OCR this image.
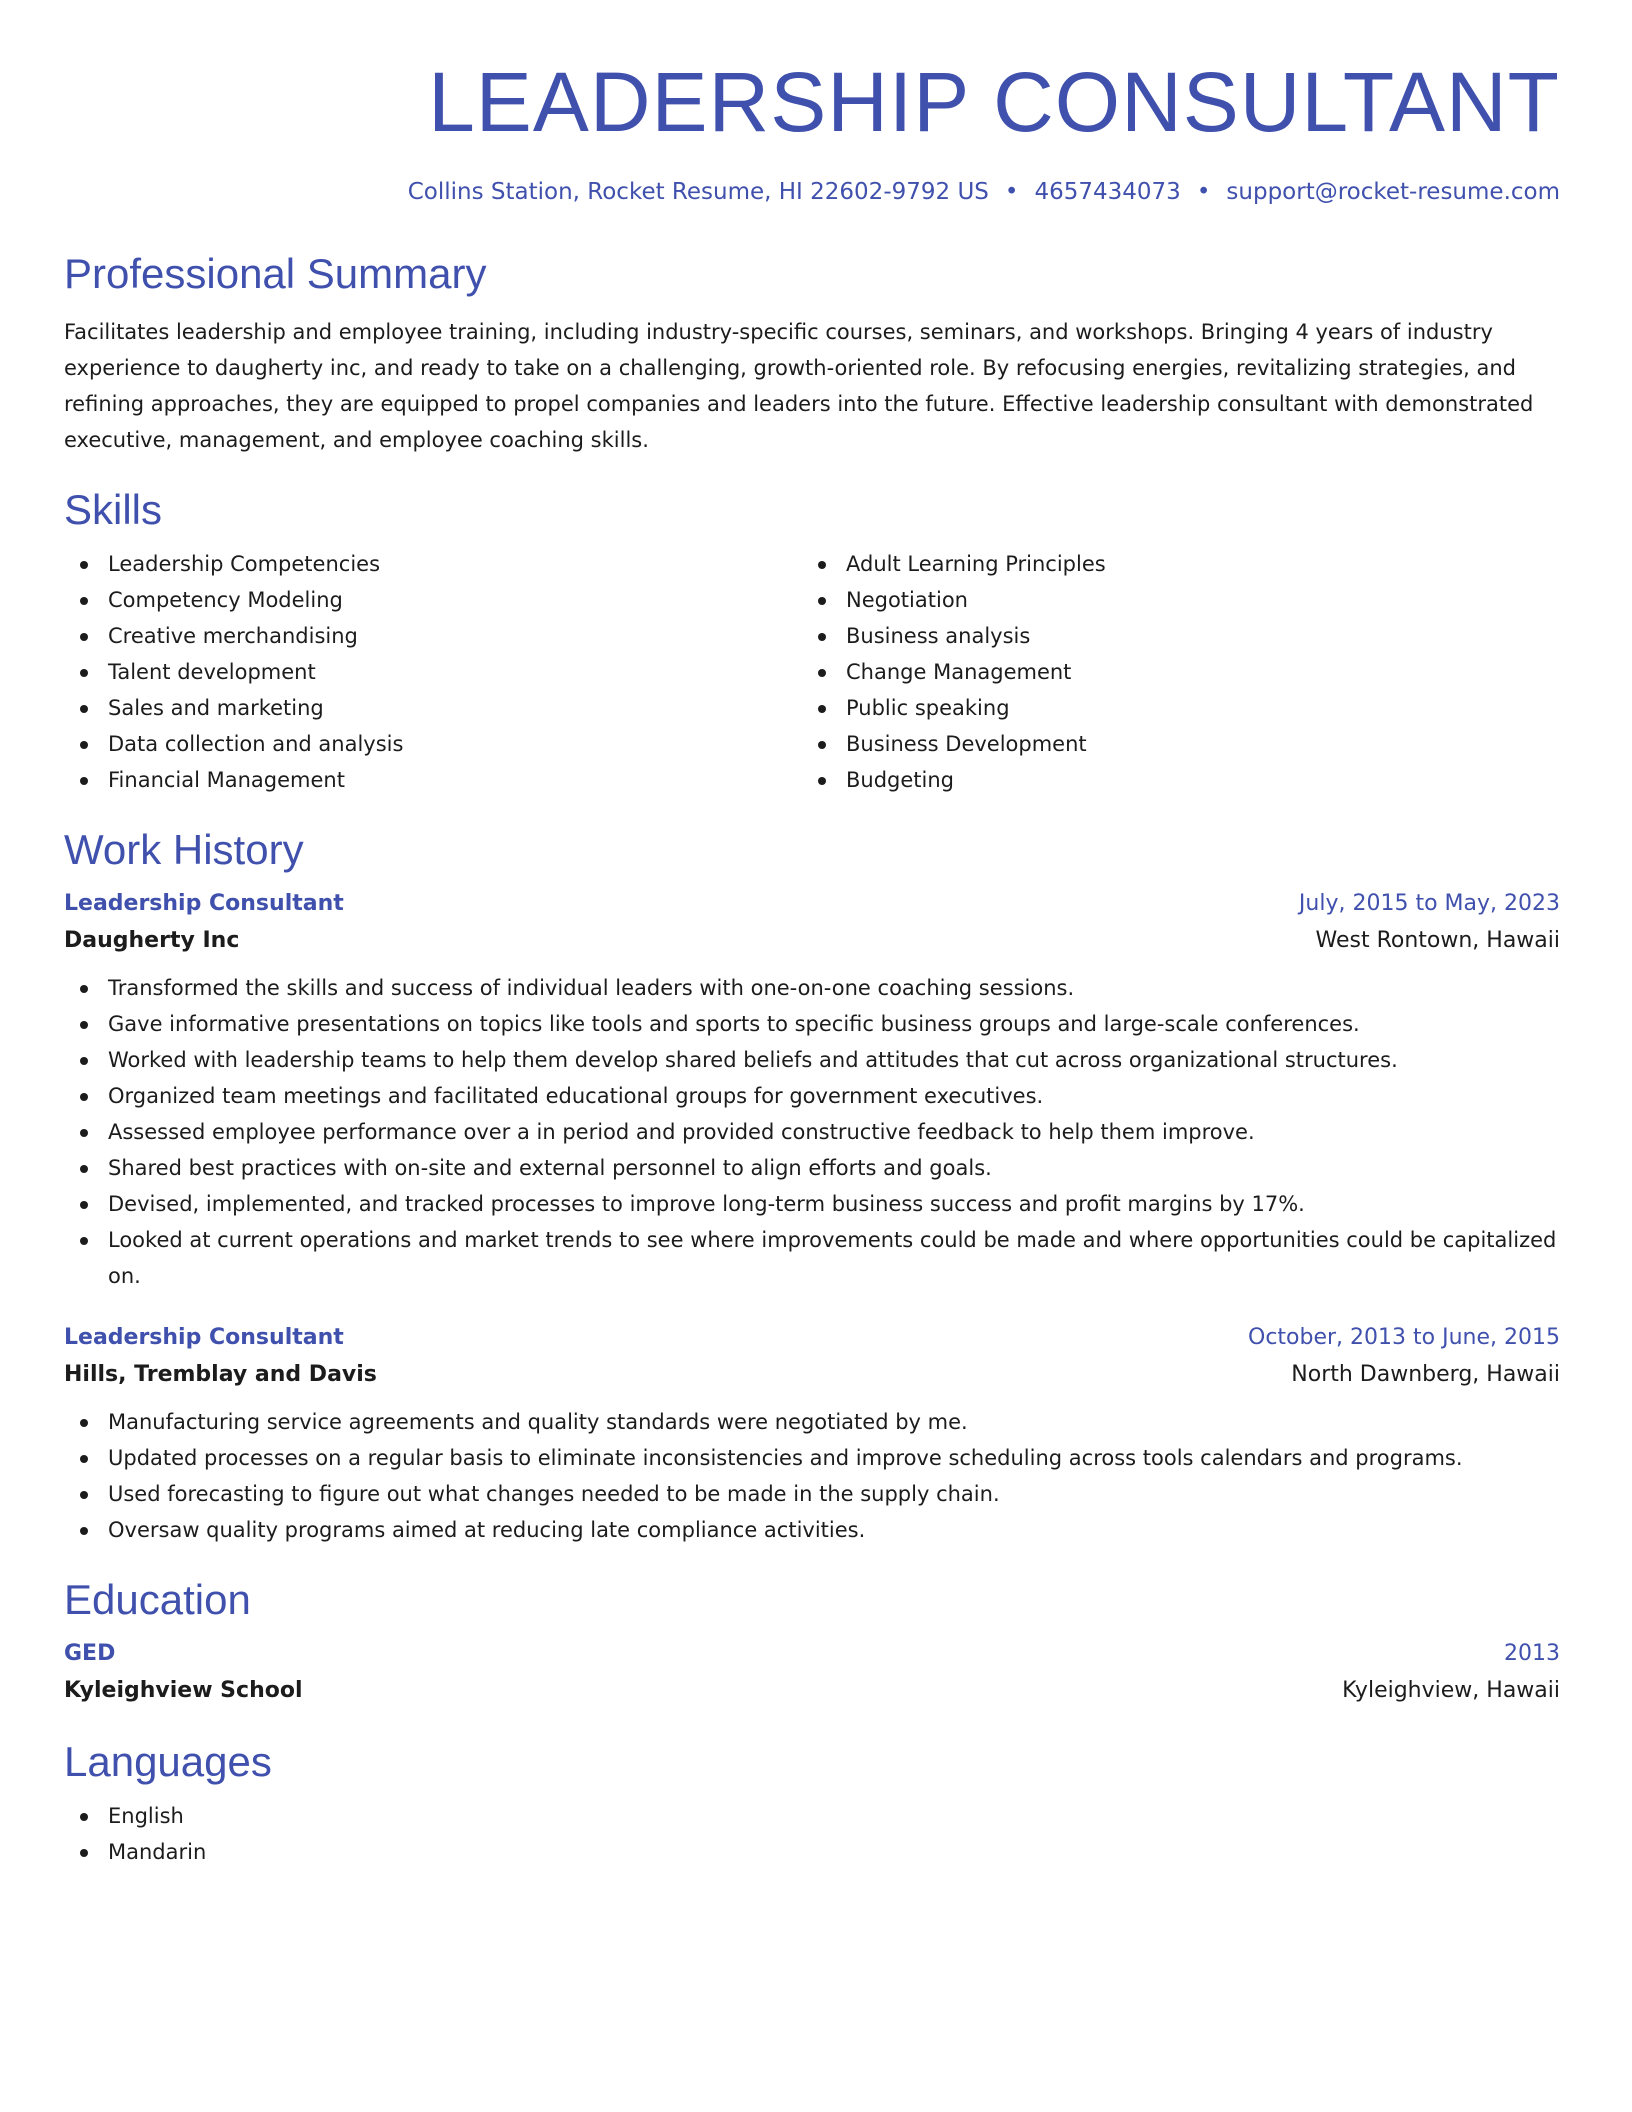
LEADERSHIP CONSULTANT
Collins Station, Rocket Resume, HI 22602-9792 US • 4657434073 • support@rocket-resume.com
Professional Summary

Facilitates leadership and employee training, including industry-specific courses, seminars, and workshops. Bringing 4 years of industry experience to daugherty inc, and ready to take on a challenging, growth-oriented role. By refocusing energies, revitalizing strategies, and refining approaches, they are equipped to propel companies and leaders into the future. Effective leadership consultant with demonstrated executive, management, and employee coaching skills.

Skills
Leadership Competencies
Competency Modeling
Creative merchandising
Talent development
Sales and marketing
Data collection and analysis
Financial Management
Adult Learning Principles
Negotiation
Business analysis
Change Management
Public speaking
Business Development
Budgeting
Work History
Leadership Consultant	July, 2015 to May, 2023
Daugherty Inc	West Rontown, Hawaii
Transformed the skills and success of individual leaders with one-on-one coaching sessions.
Gave informative presentations on topics like tools and sports to specific business groups and large-scale conferences.
Worked with leadership teams to help them develop shared beliefs and attitudes that cut across organizational structures.
Organized team meetings and facilitated educational groups for government executives.
Assessed employee performance over a in period and provided constructive feedback to help them improve.
Shared best practices with on-site and external personnel to align efforts and goals.
Devised, implemented, and tracked processes to improve long-term business success and profit margins by 17%.
Looked at current operations and market trends to see where improvements could be made and where opportunities could be capitalized on.
Leadership Consultant	October, 2013 to June, 2015
Hills, Tremblay and Davis	North Dawnberg, Hawaii
Manufacturing service agreements and quality standards were negotiated by me.
Updated processes on a regular basis to eliminate inconsistencies and improve scheduling across tools calendars and programs.
Used forecasting to figure out what changes needed to be made in the supply chain.
Oversaw quality programs aimed at reducing late compliance activities.
Education
GED	2013
Kyleighview School	Kyleighview, Hawaii
Languages
English
Mandarin
